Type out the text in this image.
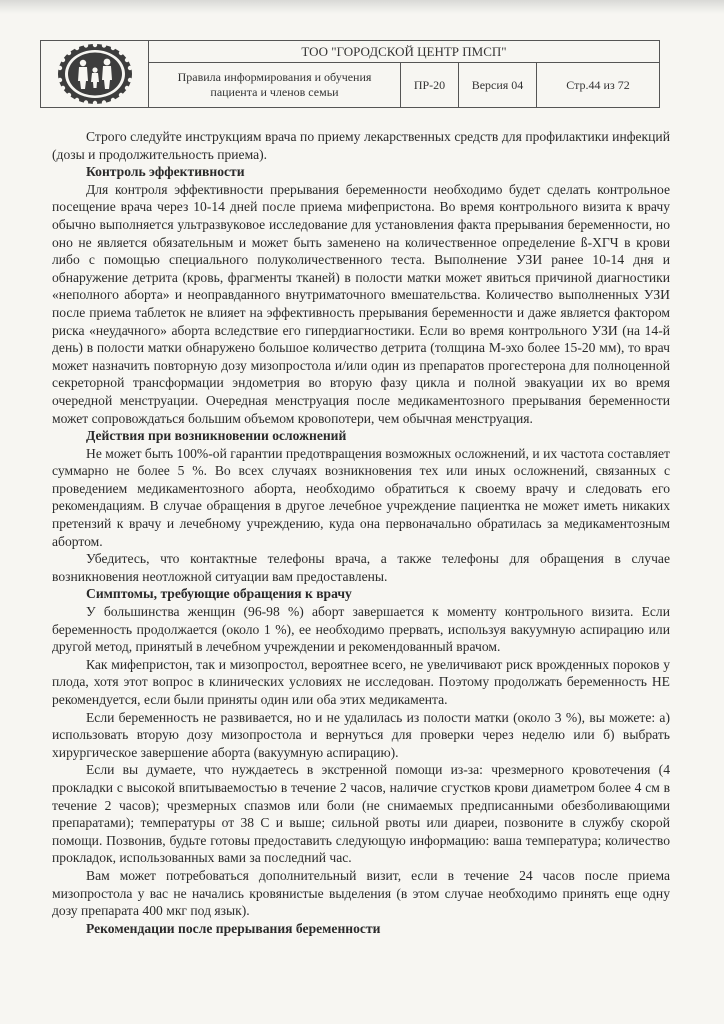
ТОО "ГОРОДСКОЙ ЦЕНТР ПМСП"
Правила информирования и обучения пациента и членов семьи
ПР-20	Версия 04	Стр.44 из 72

Строго следуйте инструкциям врача по приему лекарственных средств для профилактики инфекций (дозы и продолжительность приема).

Контроль эффективности

Для контроля эффективности прерывания беременности необходимо будет сделать контрольное посещение врача через 10-14 дней после приема мифепристона. Во время контрольного визита к врачу обычно выполняется ультразвуковое исследование для установления факта прерывания беременности, но оно не является обязательным и может быть заменено на количественное определение ß-ХГЧ в крови либо с помощью специального полуколичественного теста. Выполнение УЗИ ранее 10-14 дня и обнаружение детрита (кровь, фрагменты тканей) в полости матки может явиться причиной диагностики «неполного аборта» и неоправданного внутриматочного вмешательства. Количество выполненных УЗИ после приема таблеток не влияет на эффективность прерывания беременности и даже является фактором риска «неудачного» аборта вследствие его гипердиагностики. Если во время контрольного УЗИ (на 14-й день) в полости матки обнаружено большое количество детрита (толщина М-эхо более 15-20 мм), то врач может назначить повторную дозу мизопростола и/или один из препаратов прогестерона для полноценной секреторной трансформации эндометрия во вторую фазу цикла и полной эвакуации их во время очередной менструации. Очередная менструация после медикаментозного прерывания беременности может сопровождаться большим объемом кровопотери, чем обычная менструация.

Действия при возникновении осложнений

Не может быть 100%-ой гарантии предотвращения возможных осложнений, и их частота составляет суммарно не более 5 %. Во всех случаях возникновения тех или иных осложнений, связанных с проведением медикаментозного аборта, необходимо обратиться к своему врачу и следовать его рекомендациям. В случае обращения в другое лечебное учреждение пациентка не может иметь никаких претензий к врачу и лечебному учреждению, куда она первоначально обратилась за медикаментозным абортом.

Убедитесь, что контактные телефоны врача, а также телефоны для обращения в случае возникновения неотложной ситуации вам предоставлены.

Симптомы, требующие обращения к врачу

У большинства женщин (96-98 %) аборт завершается к моменту контрольного визита. Если беременность продолжается (около 1 %), ее необходимо прервать, используя вакуумную аспирацию или другой метод, принятый в лечебном учреждении и рекомендованный врачом.

Как мифепристон, так и мизопростол, вероятнее всего, не увеличивают риск врожденных пороков у плода, хотя этот вопрос в клинических условиях не исследован. Поэтому продолжать беременность НЕ рекомендуется, если были приняты один или оба этих медикамента.

Если беременность не развивается, но и не удалилась из полости матки (около 3 %), вы можете: а) использовать вторую дозу мизопростола и вернуться для проверки через неделю или б) выбрать хирургическое завершение аборта (вакуумную аспирацию).

Если вы думаете, что нуждаетесь в экстренной помощи из-за: чрезмерного кровотечения (4 прокладки с высокой впитываемостью в течение 2 часов, наличие сгустков крови диаметром более 4 см в течение 2 часов); чрезмерных спазмов или боли (не снимаемых предписанными обезболивающими препаратами); температуры от 38 С и выше; сильной рвоты или диареи, позвоните в службу скорой помощи. Позвонив, будьте готовы предоставить следующую информацию: ваша температура; количество прокладок, использованных вами за последний час.

Вам может потребоваться дополнительный визит, если в течение 24 часов после приема мизопростола у вас не начались кровянистые выделения (в этом случае необходимо принять еще одну дозу препарата 400 мкг под язык).

Рекомендации после прерывания беременности
